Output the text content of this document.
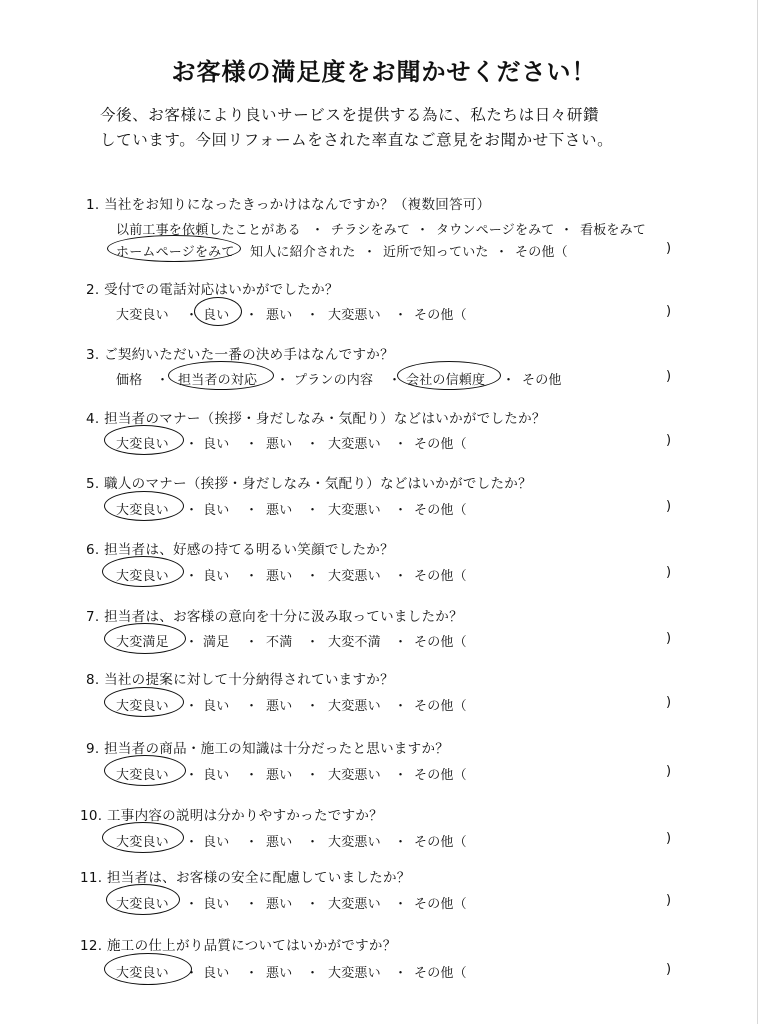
お客様の満足度をお聞かせください！
今後、お客様により良いサービスを提供する為に、私たちは日々研鑽
しています。今回リフォームをされた率直なご意見をお聞かせ下さい。
1. 当社をお知りになったきっかけはなんですか？（複数回答可）
以前工事を依頼したことがある ・ チラシをみて ・ タウンページをみて ・ 看板をみて
ホームページをみて 知人に紹介された ・ 近所で知っていた ・ その他（	)
2. 受付での電話対応はいかがでしたか？
大変良い ・ 良い ・ 悪い ・ 大変悪い ・ その他（	)
3. ご契約いただいた一番の決め手はなんですか？
価格 ・ 担当者の対応 ・ プランの内容 ・ 会社の信頼度 ・ その他	)
4. 担当者のマナー（挨拶・身だしなみ・気配り）などはいかがでしたか？
大変良い ・ 良い ・ 悪い ・ 大変悪い ・ その他（	)
5. 職人のマナー（挨拶・身だしなみ・気配り）などはいかがでしたか？
大変良い ・ 良い ・ 悪い ・ 大変悪い ・ その他（	)
6. 担当者は、好感の持てる明るい笑顔でしたか？
大変良い ・ 良い ・ 悪い ・ 大変悪い ・ その他（	)
7. 担当者は、お客様の意向を十分に汲み取っていましたか？
大変満足 ・ 満足 ・ 不満 ・ 大変不満 ・ その他（	)
8. 当社の提案に対して十分納得されていますか？
大変良い ・ 良い ・ 悪い ・ 大変悪い ・ その他（	)
9. 担当者の商品・施工の知識は十分だったと思いますか？
大変良い ・ 良い ・ 悪い ・ 大変悪い ・ その他（	)
10. 工事内容の説明は分かりやすかったですか？
大変良い ・ 良い ・ 悪い ・ 大変悪い ・ その他（	)
11. 担当者は、お客様の安全に配慮していましたか？
大変良い ・ 良い ・ 悪い ・ 大変悪い ・ その他（	)
12. 施工の仕上がり品質についてはいかがですか？
大変良い ・ 良い ・ 悪い ・ 大変悪い ・ その他（	)
